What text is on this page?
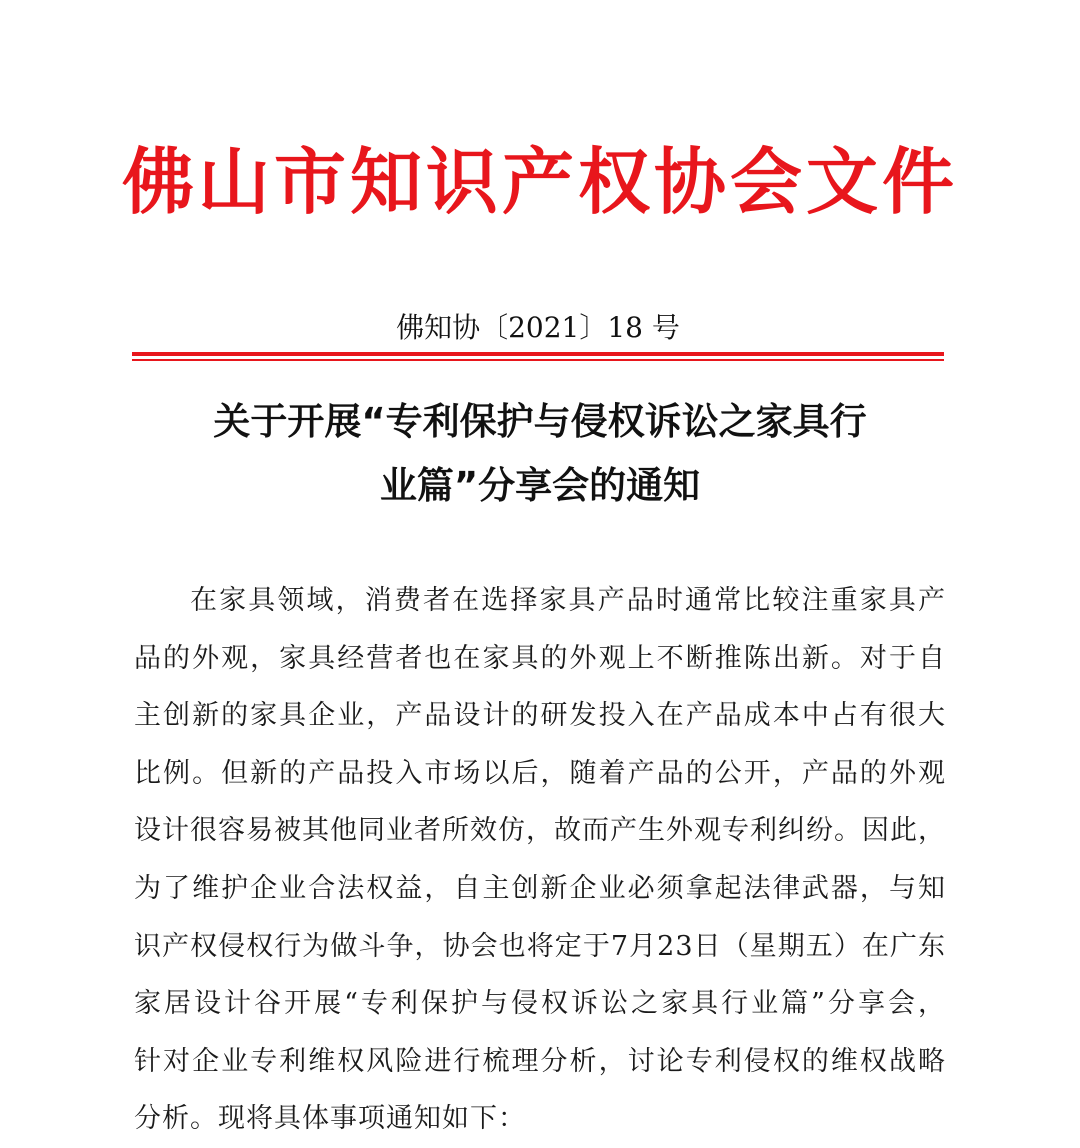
佛山市知识产权协会文件
佛知协〔2021〕18 号
关于开展“专利保护与侵权诉讼之家具行
业篇”分享会的通知
在家具领域，消费者在选择家具产品时通常比较注重家具产
品的外观，家具经营者也在家具的外观上不断推陈出新。对于自
主创新的家具企业，产品设计的研发投入在产品成本中占有很大
比例。但新的产品投入市场以后，随着产品的公开，产品的外观
设计很容易被其他同业者所效仿，故而产生外观专利纠纷。因此，
为了维护企业合法权益，自主创新企业必须拿起法律武器，与知
识产权侵权行为做斗争，协会也将定于7月23日（星期五）在广东
家居设计谷开展“专利保护与侵权诉讼之家具行业篇”分享会，
针对企业专利维权风险进行梳理分析，讨论专利侵权的维权战略
分析。现将具体事项通知如下：
